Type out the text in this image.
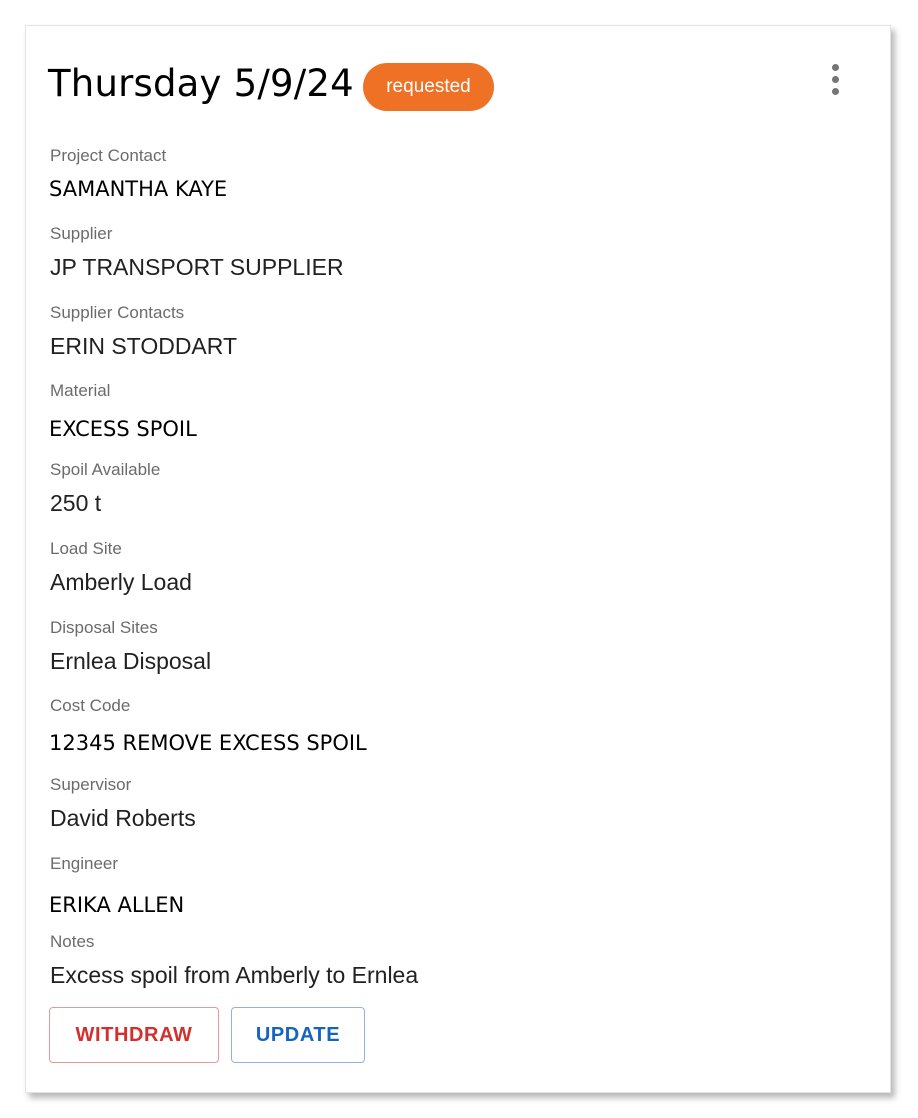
Thursday 5/9/24	requested
Project Contact
SAMANTHA KAYE
Supplier
JP TRANSPORT SUPPLIER
Supplier Contacts
ERIN STODDART
Material
EXCESS SPOIL
Spoil Available
250 t
Load Site
Amberly Load
Disposal Sites
Ernlea Disposal
Cost Code
12345 REMOVE EXCESS SPOIL
Supervisor
David Roberts
Engineer
ERIKA ALLEN
Notes
Excess spoil from Amberly to Ernlea
WITHDRAW	UPDATE
